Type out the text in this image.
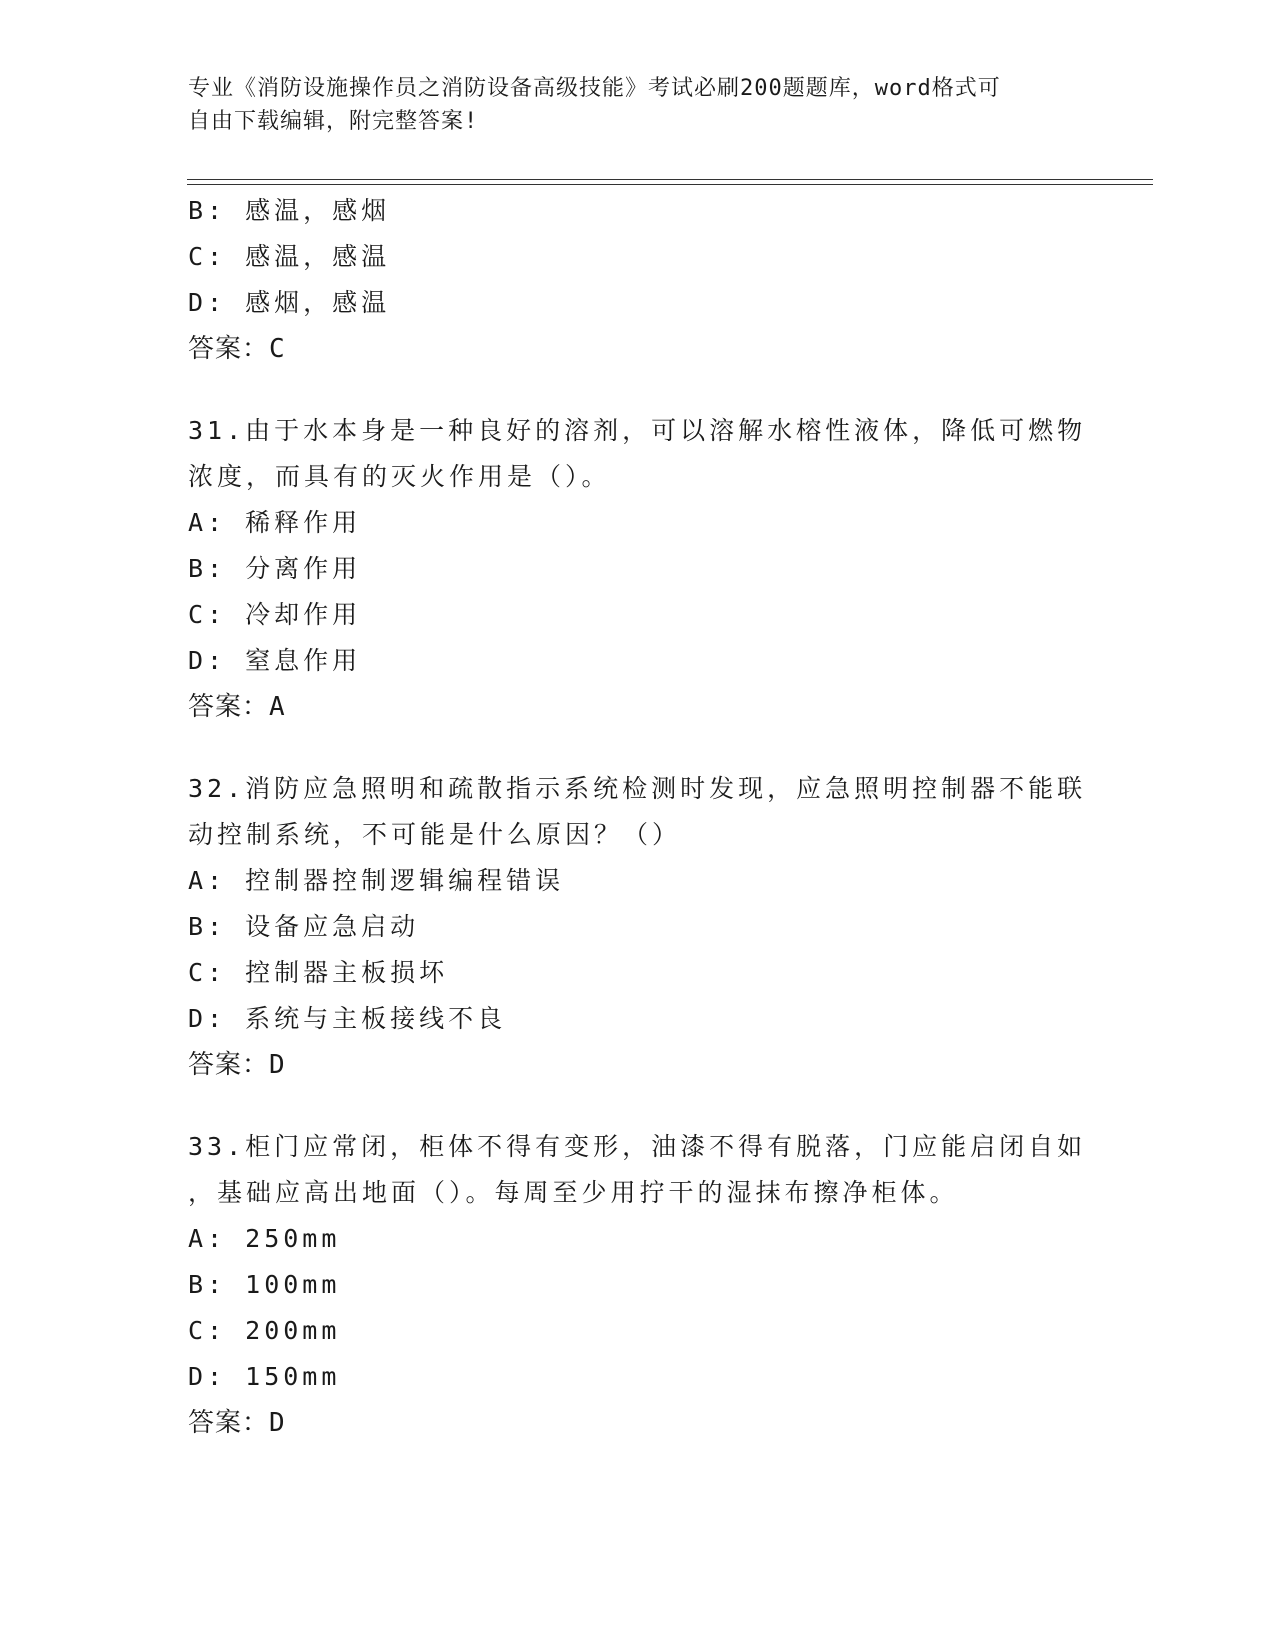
专业《消防设施操作员之消防设备高级技能》考试必刷200题题库，word格式可
自由下载编辑，附完整答案!
B: 感温，感烟
C: 感温，感温
D: 感烟，感温
答案：C
31.由于水本身是一种良好的溶剂，可以溶解水榕性液体，降低可燃物
浓度，而具有的灭火作用是（）。
A: 稀释作用
B: 分离作用
C: 冷却作用
D: 窒息作用
答案：A
32.消防应急照明和疏散指示系统检测时发现，应急照明控制器不能联
动控制系统，不可能是什么原因？（）
A: 控制器控制逻辑编程错误
B: 设备应急启动
C: 控制器主板损坏
D: 系统与主板接线不良
答案：D
33.柜门应常闭，柜体不得有变形，油漆不得有脱落，门应能启闭自如
，基础应高出地面（）。每周至少用拧干的湿抹布擦净柜体。
A: 250mm
B: 100mm
C: 200mm
D: 150mm
答案：D
